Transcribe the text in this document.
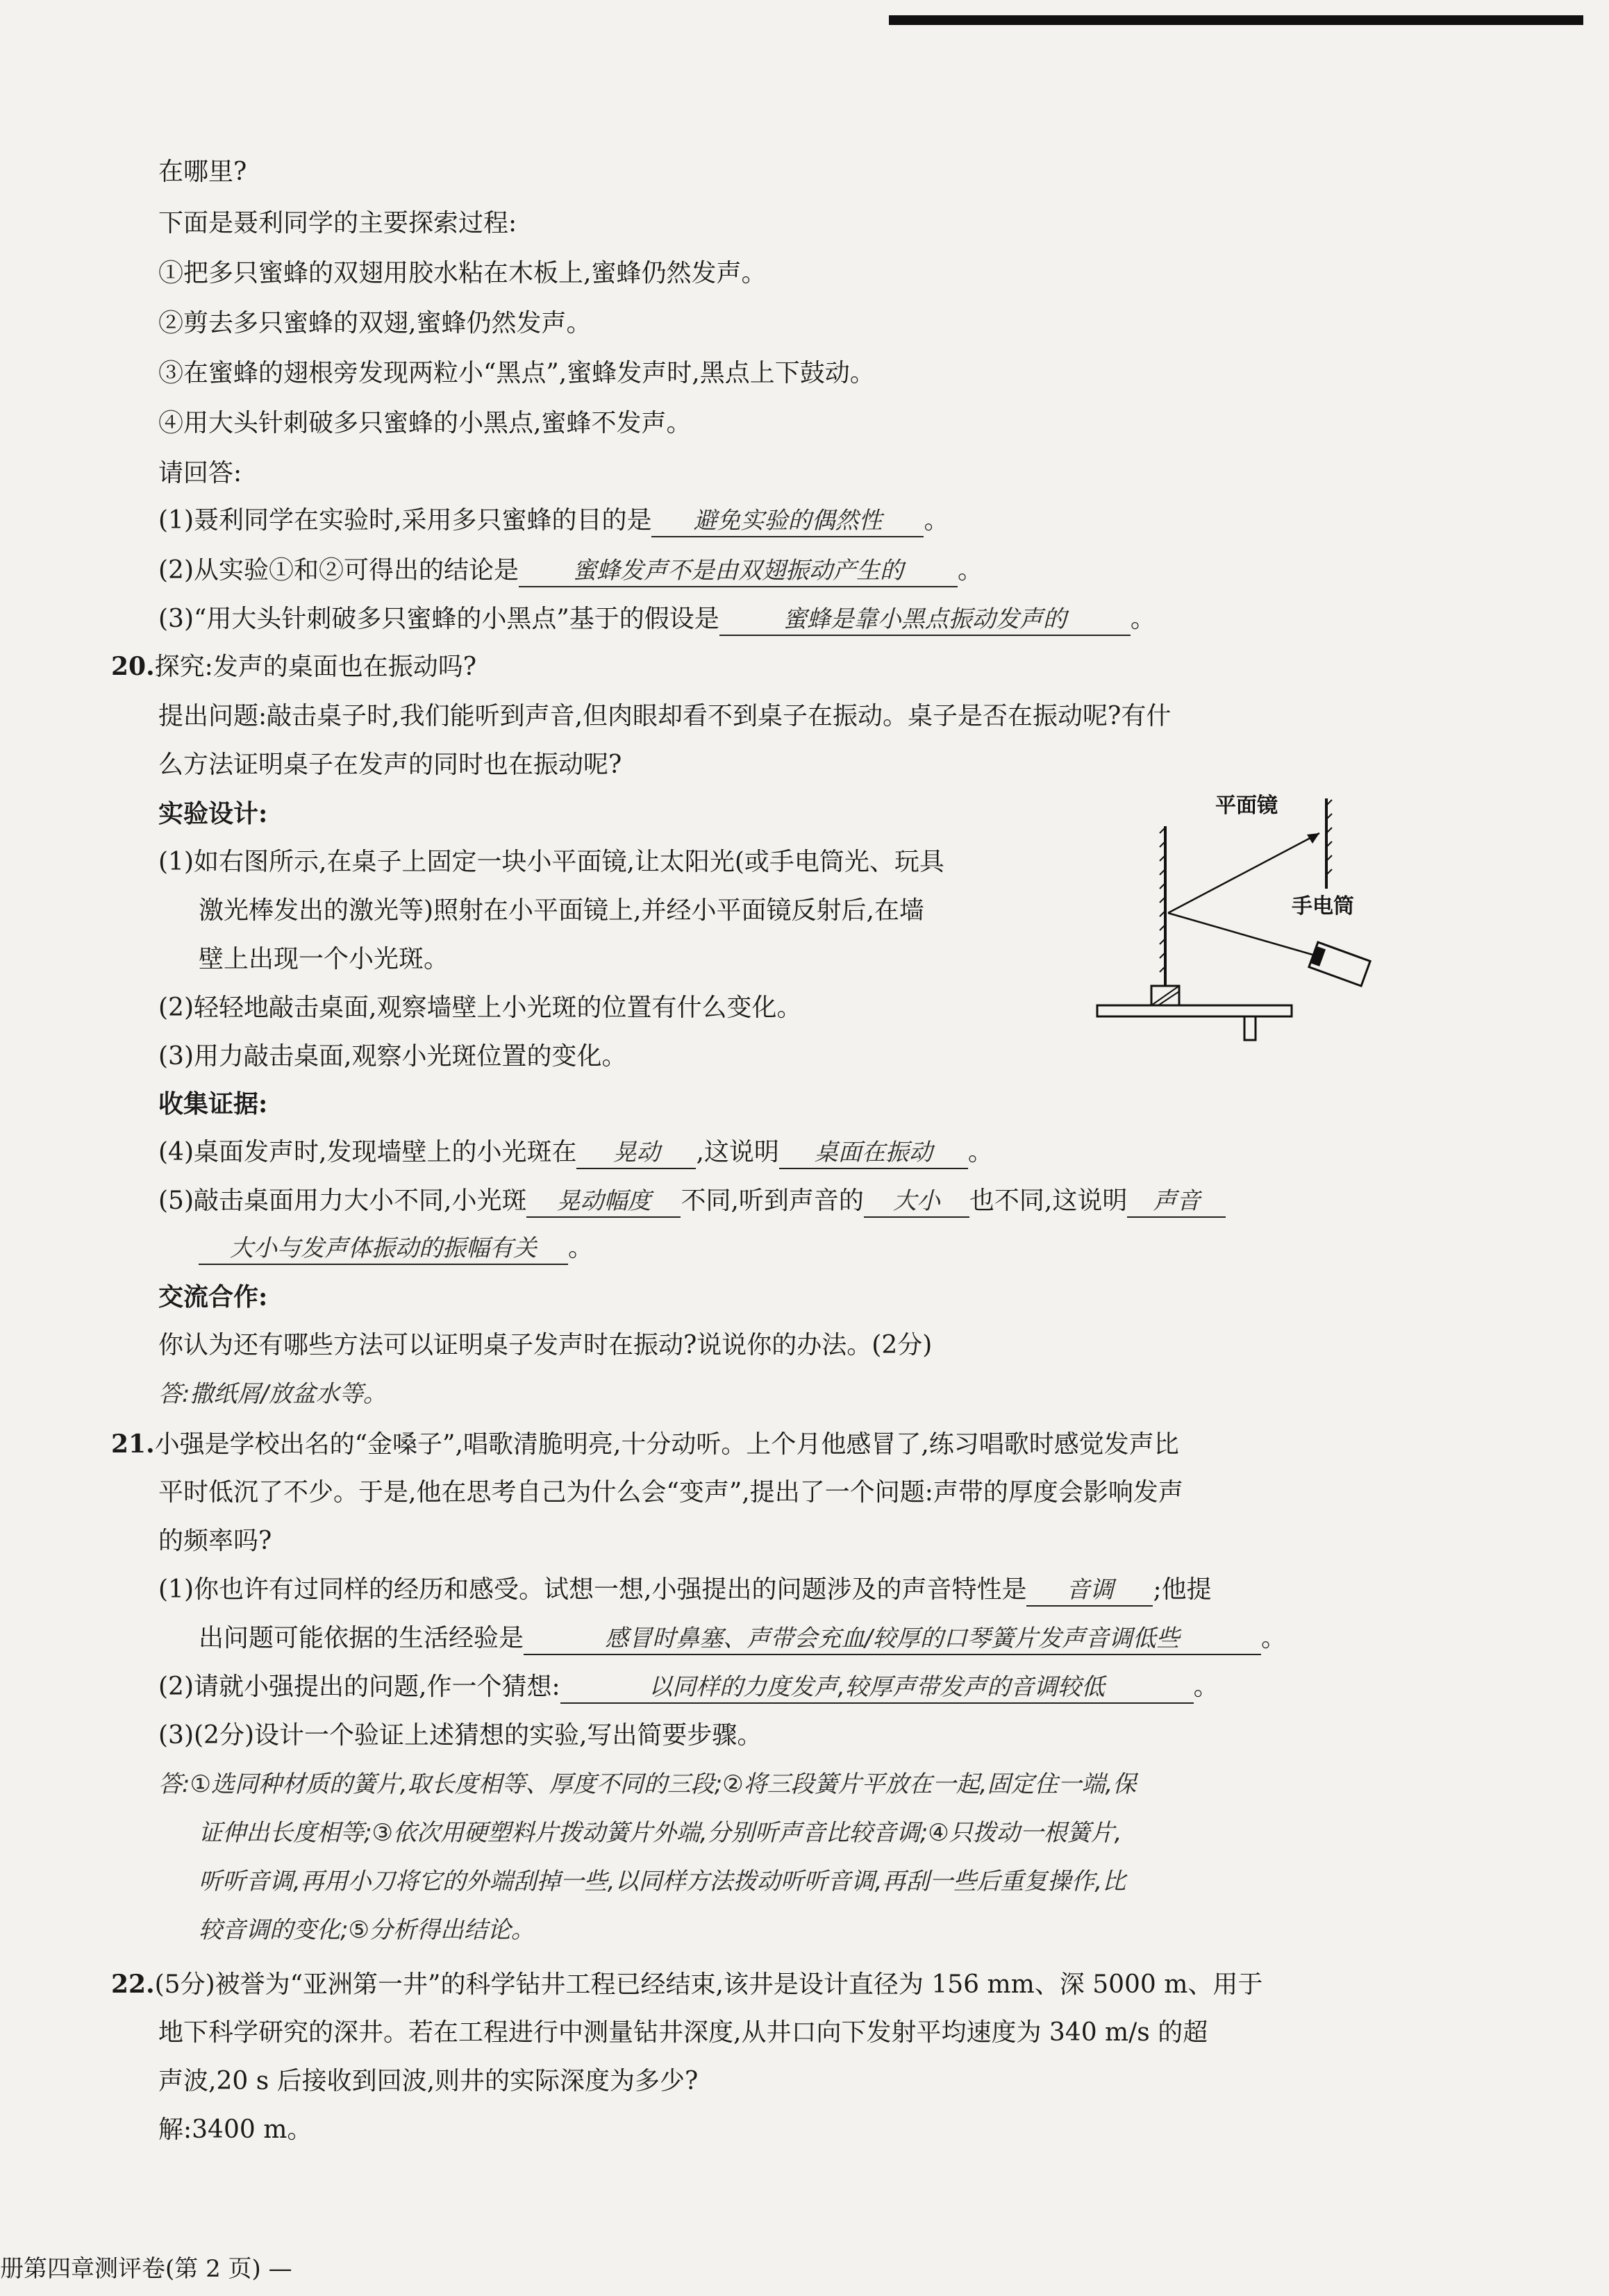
在哪里?
下面是聂利同学的主要探索过程:
①把多只蜜蜂的双翅用胶水粘在木板上,蜜蜂仍然发声。
②剪去多只蜜蜂的双翅,蜜蜂仍然发声。
③在蜜蜂的翅根旁发现两粒小“黑点”,蜜蜂发声时,黑点上下鼓动。
④用大头针刺破多只蜜蜂的小黑点,蜜蜂不发声。
请回答:
(1)聂利同学在实验时,采用多只蜜蜂的目的是 避免实验的偶然性 。
(2)从实验①和②可得出的结论是 蜜蜂发声不是由双翅振动产生的 。
(3)“用大头针刺破多只蜜蜂的小黑点”基于的假设是	蜜蜂是靠小黑点振动发声的	。
20.探究:发声的桌面也在振动吗?
提出问题:敲击桌子时,我们能听到声音,但肉眼却看不到桌子在振动。桌子是否在振动呢?有什
么方法证明桌子在发声的同时也在振动呢?
实验设计:
(1)如右图所示,在桌子上固定一块小平面镜,让太阳光(或手电筒光、玩具
激光棒发出的激光等)照射在小平面镜上,并经小平面镜反射后,在墙
壁上出现一个小光斑。
(2)轻轻地敲击桌面,观察墙壁上小光斑的位置有什么变化。
(3)用力敲击桌面,观察小光斑位置的变化。
平面镜
手电筒
收集证据:
(4)桌面发声时,发现墙壁上的小光斑在 晃动 ,这说明 桌面在振动 。
(5)敲击桌面用力大小不同,小光斑 晃动幅度 不同,听到声音的 大小 也不同,这说明 声音
大小与发声体振动的振幅有关 。
交流合作:
你认为还有哪些方法可以证明桌子发声时在振动?说说你的办法。(2分)
答:撒纸屑/放盆水等。
21.小强是学校出名的“金嗓子”,唱歌清脆明亮,十分动听。上个月他感冒了,练习唱歌时感觉发声比
平时低沉了不少。于是,他在思考自己为什么会“变声”,提出了一个问题:声带的厚度会影响发声
的频率吗?
(1)你也许有过同样的经历和感受。试想一想,小强提出的问题涉及的声音特性是 音调 ;他提
出问题可能依据的生活经验是	感冒时鼻塞、声带会充血/较厚的口琴簧片发声音调低些	。
(2)请就小强提出的问题,作一个猜想:	以同样的力度发声,较厚声带发声的音调较低	。
(3)(2分)设计一个验证上述猜想的实验,写出简要步骤。
答:①选同种材质的簧片,取长度相等、厚度不同的三段;②将三段簧片平放在一起,固定住一端,保
证伸出长度相等;③依次用硬塑料片拨动簧片外端,分别听声音比较音调;④只拨动一根簧片,
听听音调,再用小刀将它的外端刮掉一些,以同样方法拨动听听音调,再刮一些后重复操作,比
较音调的变化;⑤分析得出结论。
22.(5分)被誉为“亚洲第一井”的科学钻井工程已经结束,该井是设计直径为 156 mm、深 5000 m、用于
地下科学研究的深井。若在工程进行中测量钻井深度,从井口向下发射平均速度为 340 m/s 的超
声波,20 s 后接收到回波,则井的实际深度为多少?
解:3400 m。
册第四章测评卷(第 2 页) —
